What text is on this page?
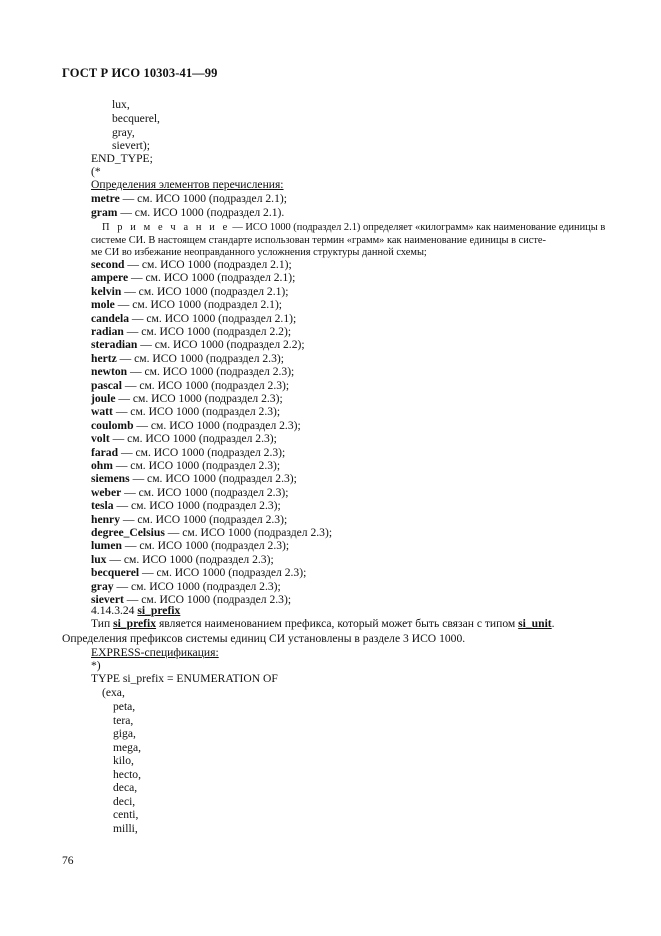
ГОСТ Р ИСО 10303-41—99
lux,
becquerel,
gray,
sievert);
END_TYPE;
(*
Определения элементов перечисления:
metre — см. ИСО 1000 (подраздел 2.1);
gram — см. ИСО 1000 (подраздел 2.1).
П р и м е ч а н и е — ИСО 1000 (подраздел 2.1) определяет «килограмм» как наименование единицы в
системе СИ. В настоящем стандарте использован термин «грамм» как наименование единицы в систе-
ме СИ во избежание неоправданного усложнения структуры данной схемы;
second — см. ИСО 1000 (подраздел 2.1);
ampere — см. ИСО 1000 (подраздел 2.1);
kelvin — см. ИСО 1000 (подраздел 2.1);
mole — см. ИСО 1000 (подраздел 2.1);
candela — см. ИСО 1000 (подраздел 2.1);
radian — см. ИСО 1000 (подраздел 2.2);
steradian — см. ИСО 1000 (подраздел 2.2);
hertz — см. ИСО 1000 (подраздел 2.3);
newton — см. ИСО 1000 (подраздел 2.3);
pascal — см. ИСО 1000 (подраздел 2.3);
joule — см. ИСО 1000 (подраздел 2.3);
watt — см. ИСО 1000 (подраздел 2.3);
coulomb — см. ИСО 1000 (подраздел 2.3);
volt — см. ИСО 1000 (подраздел 2.3);
farad — см. ИСО 1000 (подраздел 2.3);
ohm — см. ИСО 1000 (подраздел 2.3);
siemens — см. ИСО 1000 (подраздел 2.3);
weber — см. ИСО 1000 (подраздел 2.3);
tesla — см. ИСО 1000 (подраздел 2.3);
henry — см. ИСО 1000 (подраздел 2.3);
degree_Celsius — см. ИСО 1000 (подраздел 2.3);
lumen — см. ИСО 1000 (подраздел 2.3);
lux — см. ИСО 1000 (подраздел 2.3);
becquerel — см. ИСО 1000 (подраздел 2.3);
gray — см. ИСО 1000 (подраздел 2.3);
sievert — см. ИСО 1000 (подраздел 2.3);
4.14.3.24 si_prefix
Тип si_prefix является наименованием префикса, который может быть связан с типом si_unit.
Определения префиксов системы единиц СИ установлены в разделе 3 ИСО 1000.
EXPRESS-спецификация:
*)
TYPE si_prefix = ENUMERATION OF
(exa,
peta,
tera,
giga,
mega,
kilo,
hecto,
deca,
deci,
centi,
milli,
76
